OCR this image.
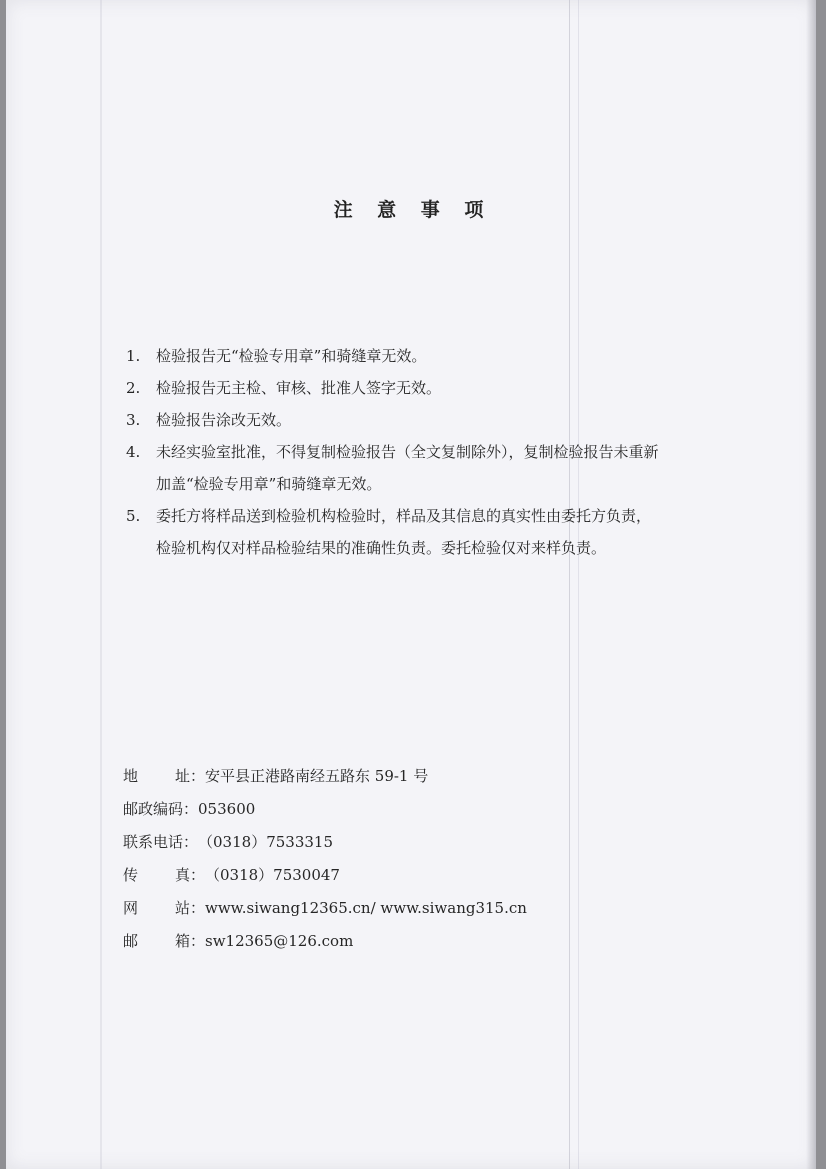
注 意 事 项
1.	检验报告无“检验专用章”和骑缝章无效。
2.	检验报告无主检、审核、批准人签字无效。
3.	检验报告涂改无效。
4.	未经实验室批准，不得复制检验报告（全文复制除外），复制检验报告未重新
加盖“检验专用章”和骑缝章无效。
5.	委托方将样品送到检验机构检验时，样品及其信息的真实性由委托方负责，
检验机构仅对样品检验结果的准确性负责。委托检验仅对来样负责。
地 址： 安平县正港路南经五路东 59-1 号
邮政编码： 053600
联系电话： （0318）7533315
传 真： （0318）7530047
网 站： www.siwang12365.cn/ www.siwang315.cn
邮 箱： sw12365@126.com
